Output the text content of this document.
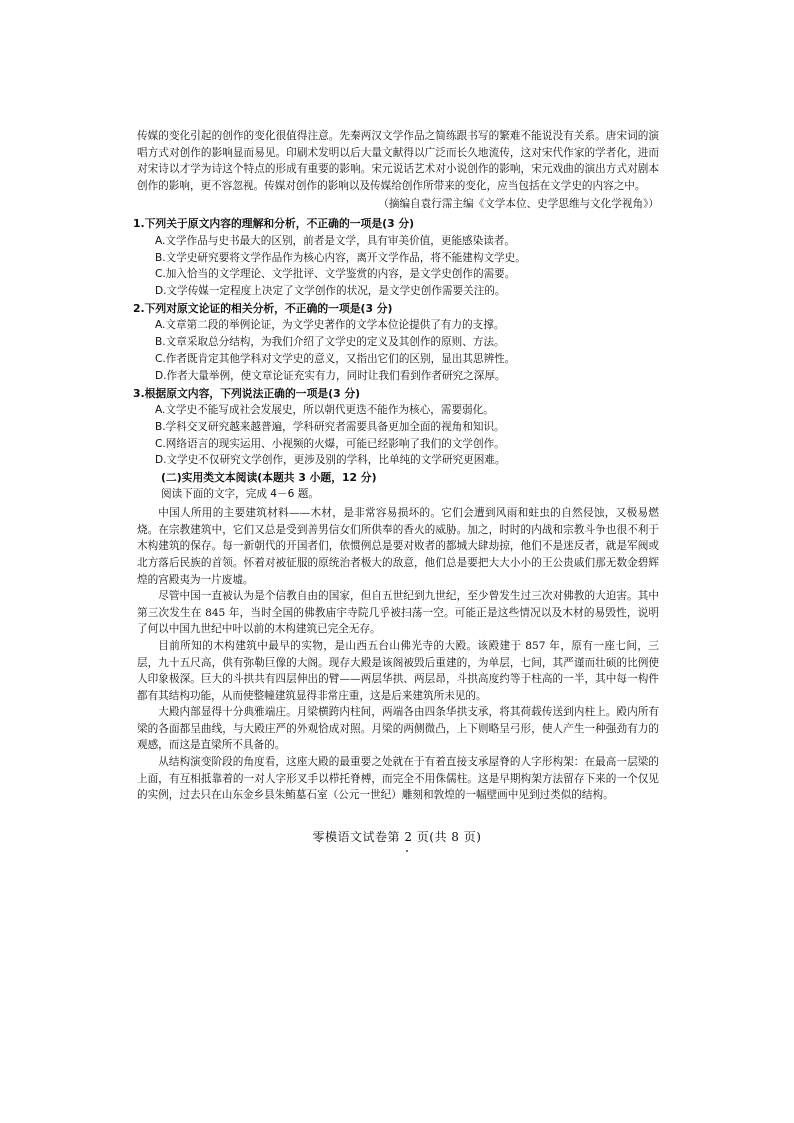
传媒的变化引起的创作的变化很值得注意。先秦两汉文学作品之简练跟书写的繁难不能说没有关系。唐宋词的演唱方式对创作的影响显而易见。印刷术发明以后大量文献得以广泛而长久地流传，这对宋代作家的学者化，进而对宋诗以才学为诗这个特点的形成有重要的影响。宋元说话艺术对小说创作的影响，宋元戏曲的演出方式对剧本创作的影响，更不容忽视。传媒对创作的影响以及传媒给创作所带来的变化，应当包括在文学史的内容之中。

（摘编自袁行霈主编《文学本位、史学思维与文化学视角》）

1.下列关于原文内容的理解和分析，不正确的一项是(3 分)

A.文学作品与史书最大的区别，前者是文学，具有审美价值，更能感染读者。

B.文学史研究要将文学作品作为核心内容，离开文学作品，将不能建构文学史。

C.加入恰当的文学理论、文学批评、文学鉴赏的内容，是文学史创作的需要。

D.文学传媒一定程度上决定了文学创作的状况，是文学史创作需要关注的。

2.下列对原文论证的相关分析，不正确的一项是(3 分)

A.文章第二段的举例论证，为文学史著作的文学本位论提供了有力的支撑。

B.文章采取总分结构，为我们介绍了文学史的定义及其创作的原则、方法。

C.作者既肯定其他学科对文学史的意义，又指出它们的区别，显出其思辨性。

D.作者大量举例，使文章论证充实有力，同时让我们看到作者研究之深厚。

3.根据原文内容，下列说法正确的一项是(3 分)

A.文学史不能写成社会发展史，所以朝代更迭不能作为核心，需要弱化。

B.学科交叉研究越来越普遍，学科研究者需要具备更加全面的视角和知识。

C.网络语言的现实运用、小视频的火爆，可能已经影响了我们的文学创作。

D.文学史不仅研究文学创作，更涉及别的学科，比单纯的文学研究更困难。

(二)实用类文本阅读(本题共 3 小题，12 分)

阅读下面的文字，完成 4－6 题。

中国人所用的主要建筑材料——木材，是非常容易损坏的。它们会遭到风雨和蛀虫的自然侵蚀，又极易燃烧。在宗教建筑中，它们又总是受到善男信女们所供奉的香火的威胁。加之，时时的内战和宗教斗争也很不利于木构建筑的保存。每一新朝代的开国者们，依惯例总是要对败者的都城大肆劫掠，他们不是迷反者，就是军阀或北方落后民族的首领。怀着对被征服的原统治者极大的敌意，他们总是要把大大小小的王公贵戚们那无数金碧辉煌的宫殿夷为一片废墟。

尽管中国一直被认为是个信教自由的国家，但自五世纪到九世纪，至少曾发生过三次对佛教的大迫害。其中第三次发生在 845 年，当时全国的佛教庙宇寺院几乎被扫荡一空。可能正是这些情况以及木材的易毁性，说明了何以中国九世纪中叶以前的木构建筑已完全无存。

目前所知的木构建筑中最早的实物，是山西五台山佛光寺的大殿。该殿建于 857 年，原有一座七间，三层，九十五尺高，供有弥勒巨像的大阁。现存大殿是该阁被毁后重建的，为单层，七间，其严谨而壮硕的比例使人印象极深。巨大的斗拱共有四层伸出的臂——两层华拱、两层昂，斗拱高度约等于柱高的一半，其中每一构件都有其结构功能，从而使整幢建筑显得非常庄重，这是后来建筑所未见的。

大殿内部显得十分典雅端庄。月梁横跨内柱间，两端各由四条华拱支承，将其荷载传送到内柱上。殿内所有梁的各面都呈曲线，与大殿庄严的外观恰成对照。月梁的两侧微凸，上下则略呈弓形，使人产生一种强劲有力的观感，而这是直梁所不具备的。

从结构演变阶段的角度看，这座大殿的最重要之处就在于有着直接支承屋脊的人字形构架：在最高一层梁的上面，有互相抵靠着的一对人字形叉手以栉托脊榑，而完全不用侏儒柱。这是早期构架方法留存下来的一个仅见的实例，过去只在山东金乡县朱鲔墓石室（公元一世纪）雕刻和敦煌的一幅壁画中见到过类似的结构。

零模语文试卷第 2 页(共 8 页)
